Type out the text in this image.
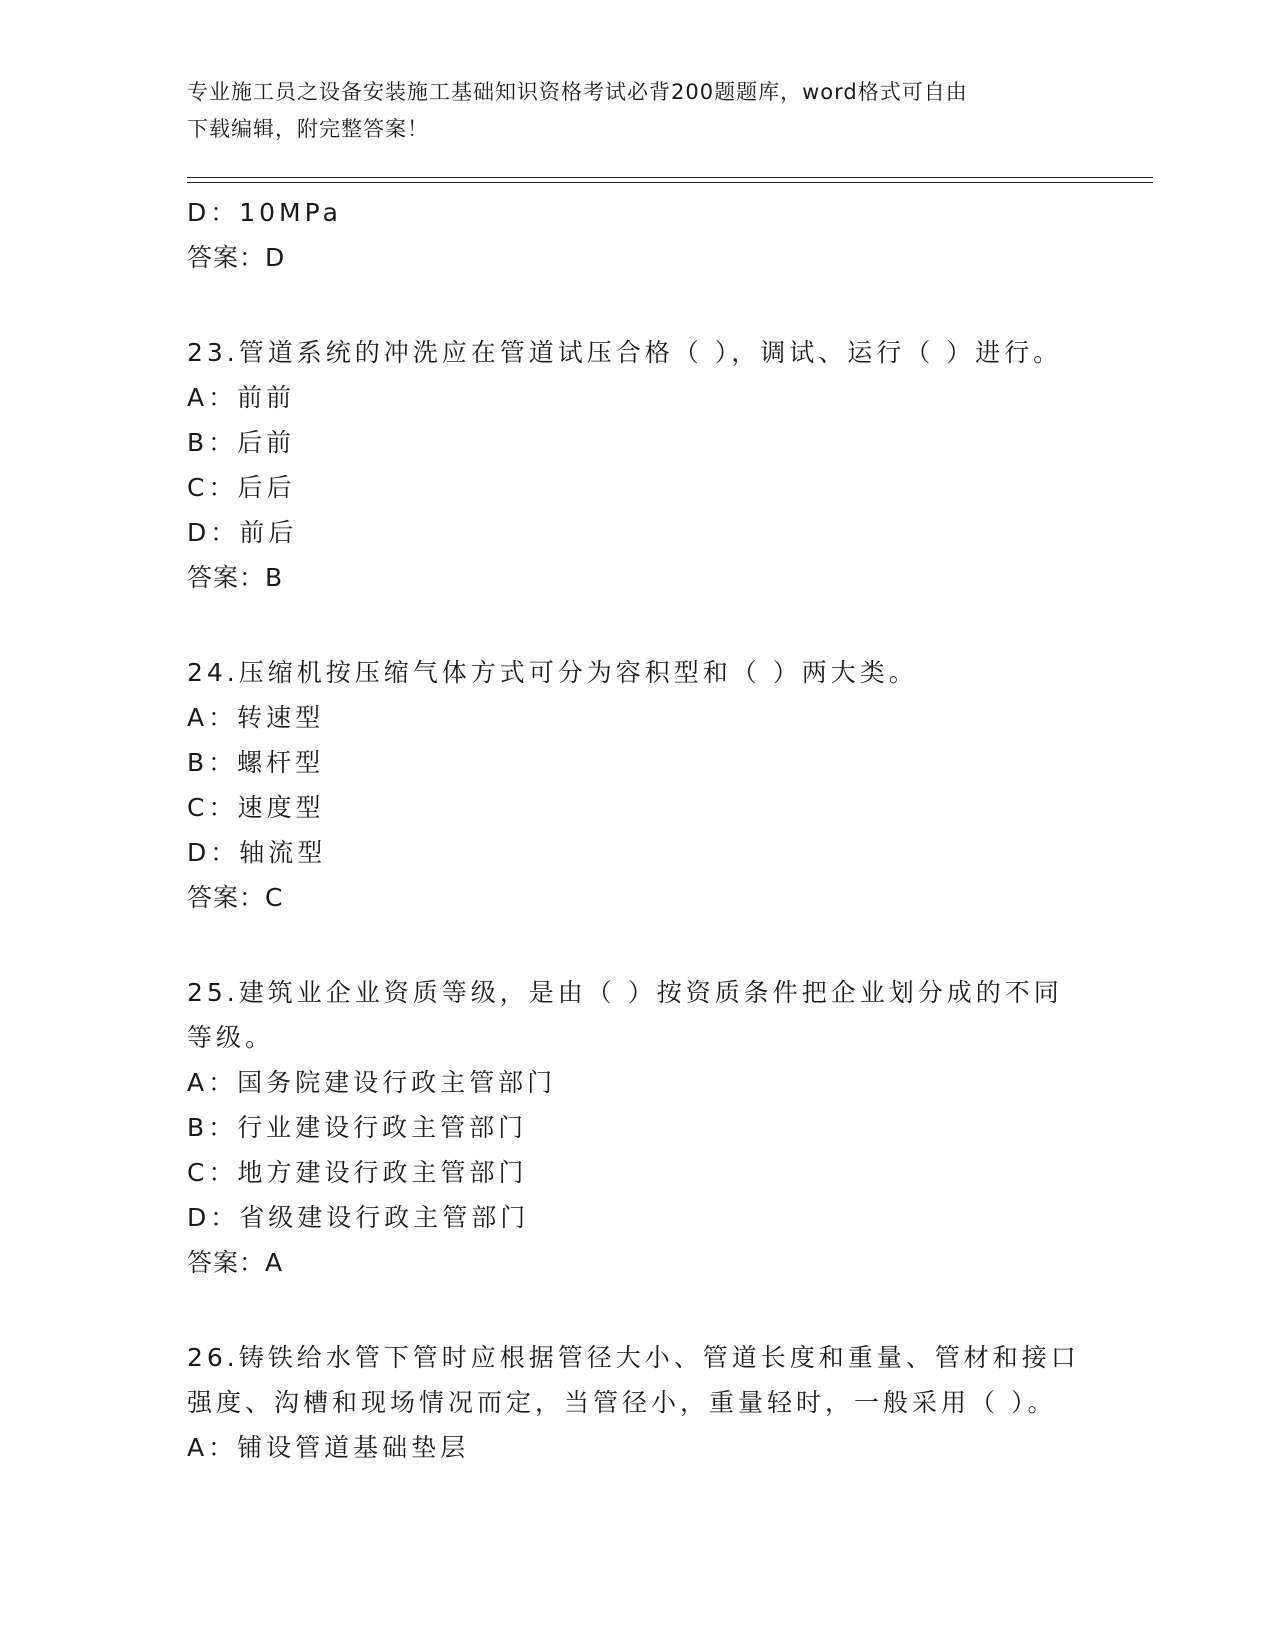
专业施工员之设备安装施工基础知识资格考试必背200题题库，word格式可自由
下载编辑，附完整答案！
D：10MPa
答案：D
23.管道系统的冲洗应在管道试压合格（ ），调试、运行（ ）进行。
A：前前
B：后前
C：后后
D：前后
答案：B
24.压缩机按压缩气体方式可分为容积型和（ ）两大类。
A：转速型
B：螺杆型
C：速度型
D：轴流型
答案：C
25.建筑业企业资质等级，是由（ ）按资质条件把企业划分成的不同
等级。
A：国务院建设行政主管部门
B：行业建设行政主管部门
C：地方建设行政主管部门
D：省级建设行政主管部门
答案：A
26.铸铁给水管下管时应根据管径大小、管道长度和重量、管材和接口
强度、沟槽和现场情况而定，当管径小，重量轻时，一般采用（ ）。
A：铺设管道基础垫层
